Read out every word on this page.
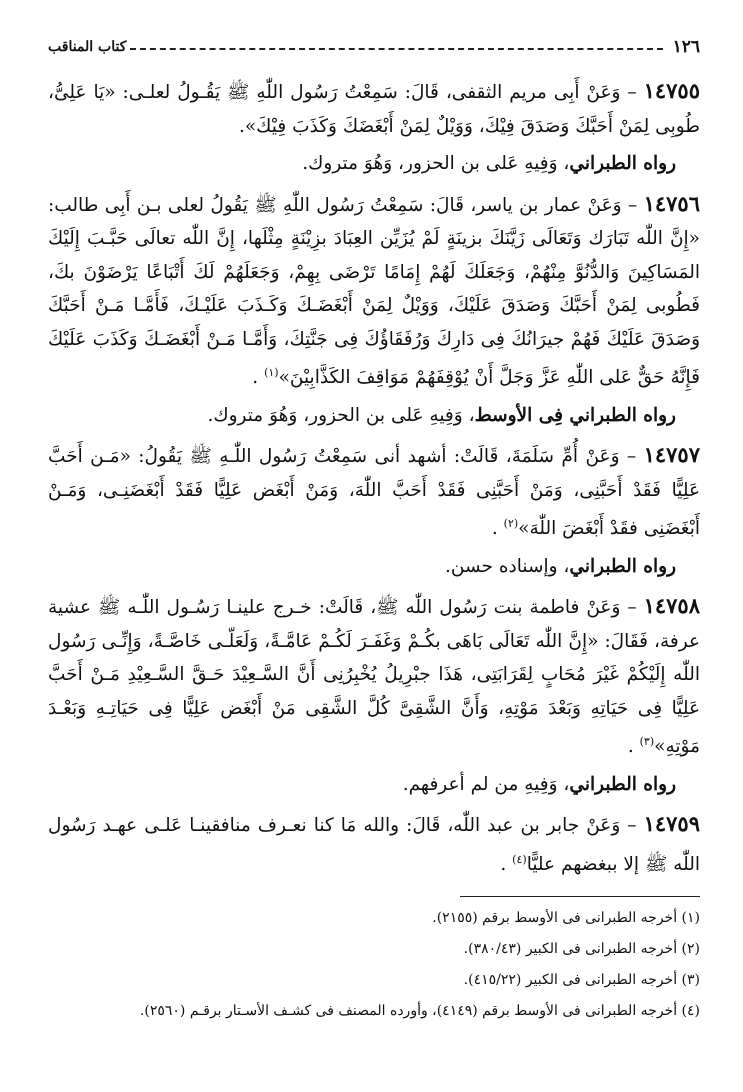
١٢٦
كتاب المناقب

١٤٧٥٥ – وَعَنْ أَبِى مريم الثقفى، قَالَ: سَمِعْتُ رَسُول اللّٰهِ ﷺ يَقُـولُ لعلـى: «يَا عَلِىُّ، طُوبِى لِمَنْ أَحَبَّكَ وَصَدَقَ فِيْكَ، وَوَيْلٌ لِمَنْ أَبْغَضَكَ وَكَذَبَ فِيْكَ».

رواه الطبراني، وَفِيهِ عَلى بن الحزور، وَهُوَ متروك.

١٤٧٥٦ – وَعَنْ عمار بن ياسر، قَالَ: سَمِعْتُ رَسُول اللّٰهِ ﷺ يَقُولُ لعلى بـن أَبِى طالب: «إِنَّ اللّٰه تَبَارَك وَتَعَالَى زَيَّنَكَ بزينَةٍ لَمْ يُزَيِّن العِبَادَ بزِيْنَةٍ مِثْلَها، إِنَّ اللّٰه تعالَى حَبَّـبَ إِلَيْكَ المَسَاكِينَ وَالدُّنُوَّ مِنْهُمْ، وَجَعَلَكَ لَهُمْ إِمَامًا تَرْضَى بِهِمْ، وَجَعَلَهُمْ لَكَ أَتْبَاعًا يَرْضَوْنَ بكَ، فَطُوبى لِمَنْ أَحَبَّكَ وَصَدَقَ عَلَيْكَ، وَوَيْلٌ لِمَنْ أَبْغَضَـكَ وَكَـذَبَ عَلَيْـكَ، فَأَمَّـا مَـنْ أَحَبَّكَ وَصَدَقَ عَلَيْكَ فَهُمْ جيرَانُكَ فِى دَارِكَ وَرُفَقَاؤُكَ فِى جَنَّتِكَ، وَأَمَّـا مَـنْ أَبْغَضَـكَ وَكَذَبَ عَلَيْكَ فَإِنَّهُ حَقٌّ عَلى اللّٰهِ عَزَّ وَجَلَّ أَنْ يُوْقِفَهُمْ مَوَاقِفَ الكَذَّابِيْنَ»$^{(١)}$ .

رواه الطبراني فِى الأوسط، وَفِيهِ عَلى بن الحزور، وَهُوَ متروك.

١٤٧٥٧ – وَعَنْ أُمِّ سَلَمَةَ، قَالَتْ: أشهد أنى سَمِعْتُ رَسُول اللّٰـهِ ﷺ يَقُولُ: «مَـن أَحَبَّ عَلِيًّا فَقَدْ أَحَبَّنِى، وَمَنْ أَحَبَّنِى فَقَدْ أَحَبَّ اللّٰهَ، وَمَنْ أَبْغَض عَلِيًّا فَقَدْ أَبْغَضَنِـى، وَمَـنْ أَبْغَضَنِى فقَدْ أَبْغَضَ اللّٰهَ»$^{(٢)}$ .

رواه الطبراني، وإسناده حسن.

١٤٧٥٨ – وَعَنْ فاطمة بنت رَسُول اللّٰه ﷺ، قَالَتْ: خـرج علينـا رَسُـول اللّٰـه ﷺ عشية عرفة، فَقَالَ: «إِنَّ اللّٰه تَعَالَى بَاهَى بكُـمْ وَغَفَـرَ لَكُـمْ عَامَّـةً، وَلَعَلّـى خَاصَّـةً، وَإِنِّـى رَسُول اللّٰه إِلَيْكُمْ غَيْرَ مُحَابٍ لِقَرَابَتِى، هَذَا جبْرِيلُ يُخْبِرُنِى أَنَّ السَّـعِيْدَ حَـقَّ السَّـعِيْدِ مَـنْ أَحَبَّ عَلِيًّا فِى حَيَاتِهِ وَبَعْدَ مَوْتِهِ، وَأَنَّ الشَّقِىَّ كُلَّ الشَّقِى مَنْ أَبْغَض عَلِيًّا فِى حَيَاتِـهِ وَبَعْـدَ مَوْتِهِ»$^{(٣)}$ .

رواه الطبراني، وَفِيهِ من لم أعرفهم.

١٤٧٥٩ – وَعَنْ جابر بن عبد اللّٰه، قَالَ: والله مَا كنا نعـرف منافقينـا عَلـى عهـد رَسُول اللّٰه ﷺ إلا ببغضهم عليًّا$^{(٤)}$ .

(١) أخرجه الطبرانى فى الأوسط برقم (٢١٥٥).

(٢) أخرجه الطبرانى فى الكبير (٣٨٠/٤٣).

(٣) أخرجه الطبرانى فى الكبير (٤١٥/٢٢).

(٤) أخرجه الطبرانى فى الأوسط برقم (٤١٤٩)، وأورده المصنف فى كشـف الأسـتار برقـم (٢٥٦٠).
